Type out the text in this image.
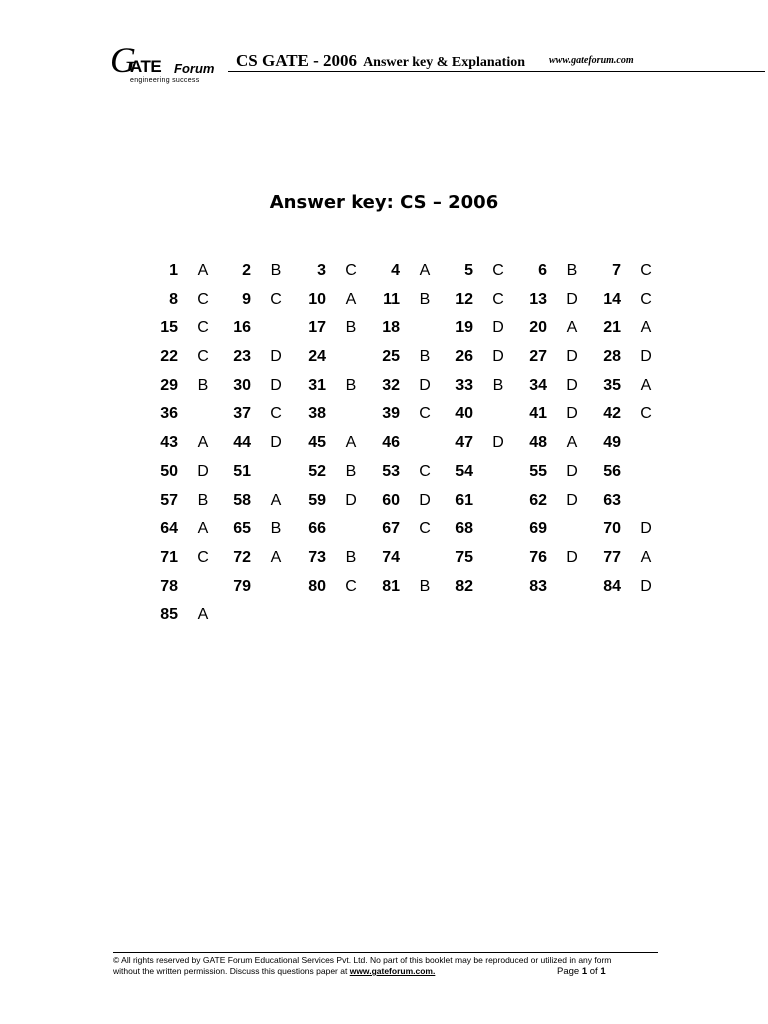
G
ATE Forum
engineering success
CS GATE - 2006 Answer key & Explanation www.gateforum.com
Answer key: CS – 2006
1 A	2 B	3 C	4 A	5 C	6 B	7 C
8 C	9 C	10 A	11 B	12 C	13 D	14 C
15 C	16	17 B	18	19 D	20 A	21 A
22 C	23 D	24	25 B	26 D	27 D	28 D
29 B	30 D	31 B	32 D	33 B	34 D	35 A
36	37 C	38	39 C	40	41 D	42 C
43 A	44 D	45 A	46	47 D	48 A	49
50 D	51	52 B	53 C	54	55 D	56
57 B	58 A	59 D	60 D	61	62 D	63
64 A	65 B	66	67 C	68	69	70 D
71 C	72 A	73 B	74	75	76 D	77 A
78	79	80 C	81 B	82	83	84 D
85 A
© All rights reserved by GATE Forum Educational Services Pvt. Ltd. No part of this booklet may be reproduced or utilized in any form
without the written permission. Discuss this questions paper at www.gateforum.com.	Page 1 of 1
